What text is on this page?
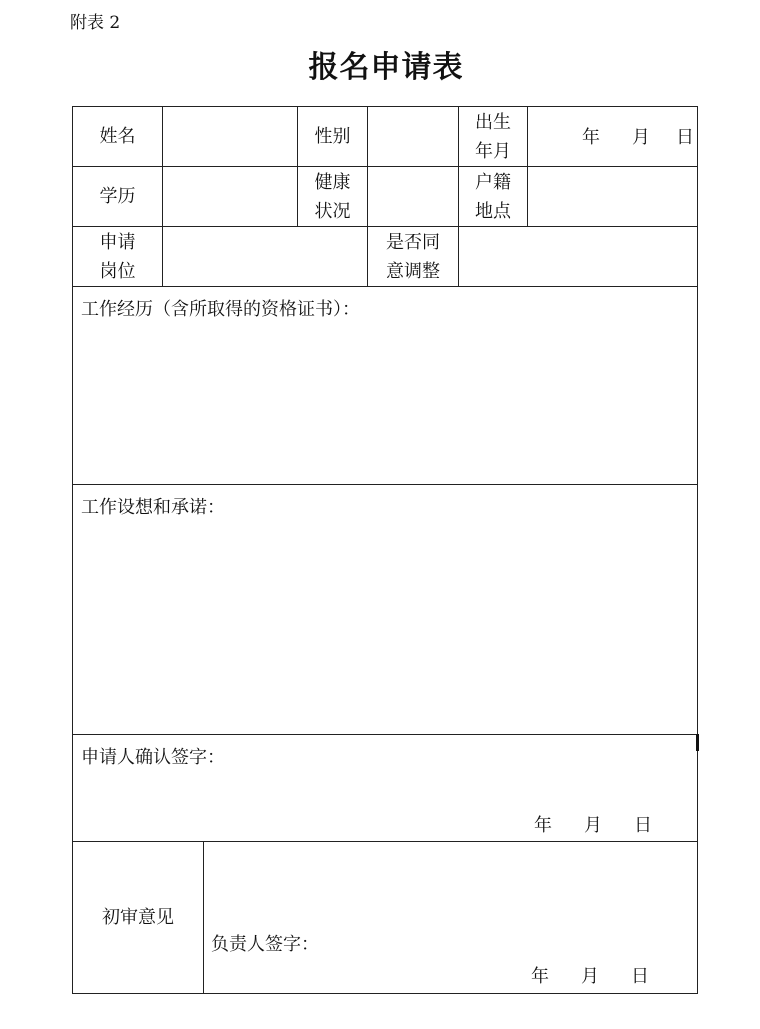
附表 2
报名申请表
姓名	性别
出生
年月
年 月 日
学历
健康
状况
户籍
地点
申请
岗位
是否同
意调整
工作经历（含所取得的资格证书）：
工作设想和承诺：
申请人确认签字：
年 月 日
初审意见
负责人签字：
年 月 日
